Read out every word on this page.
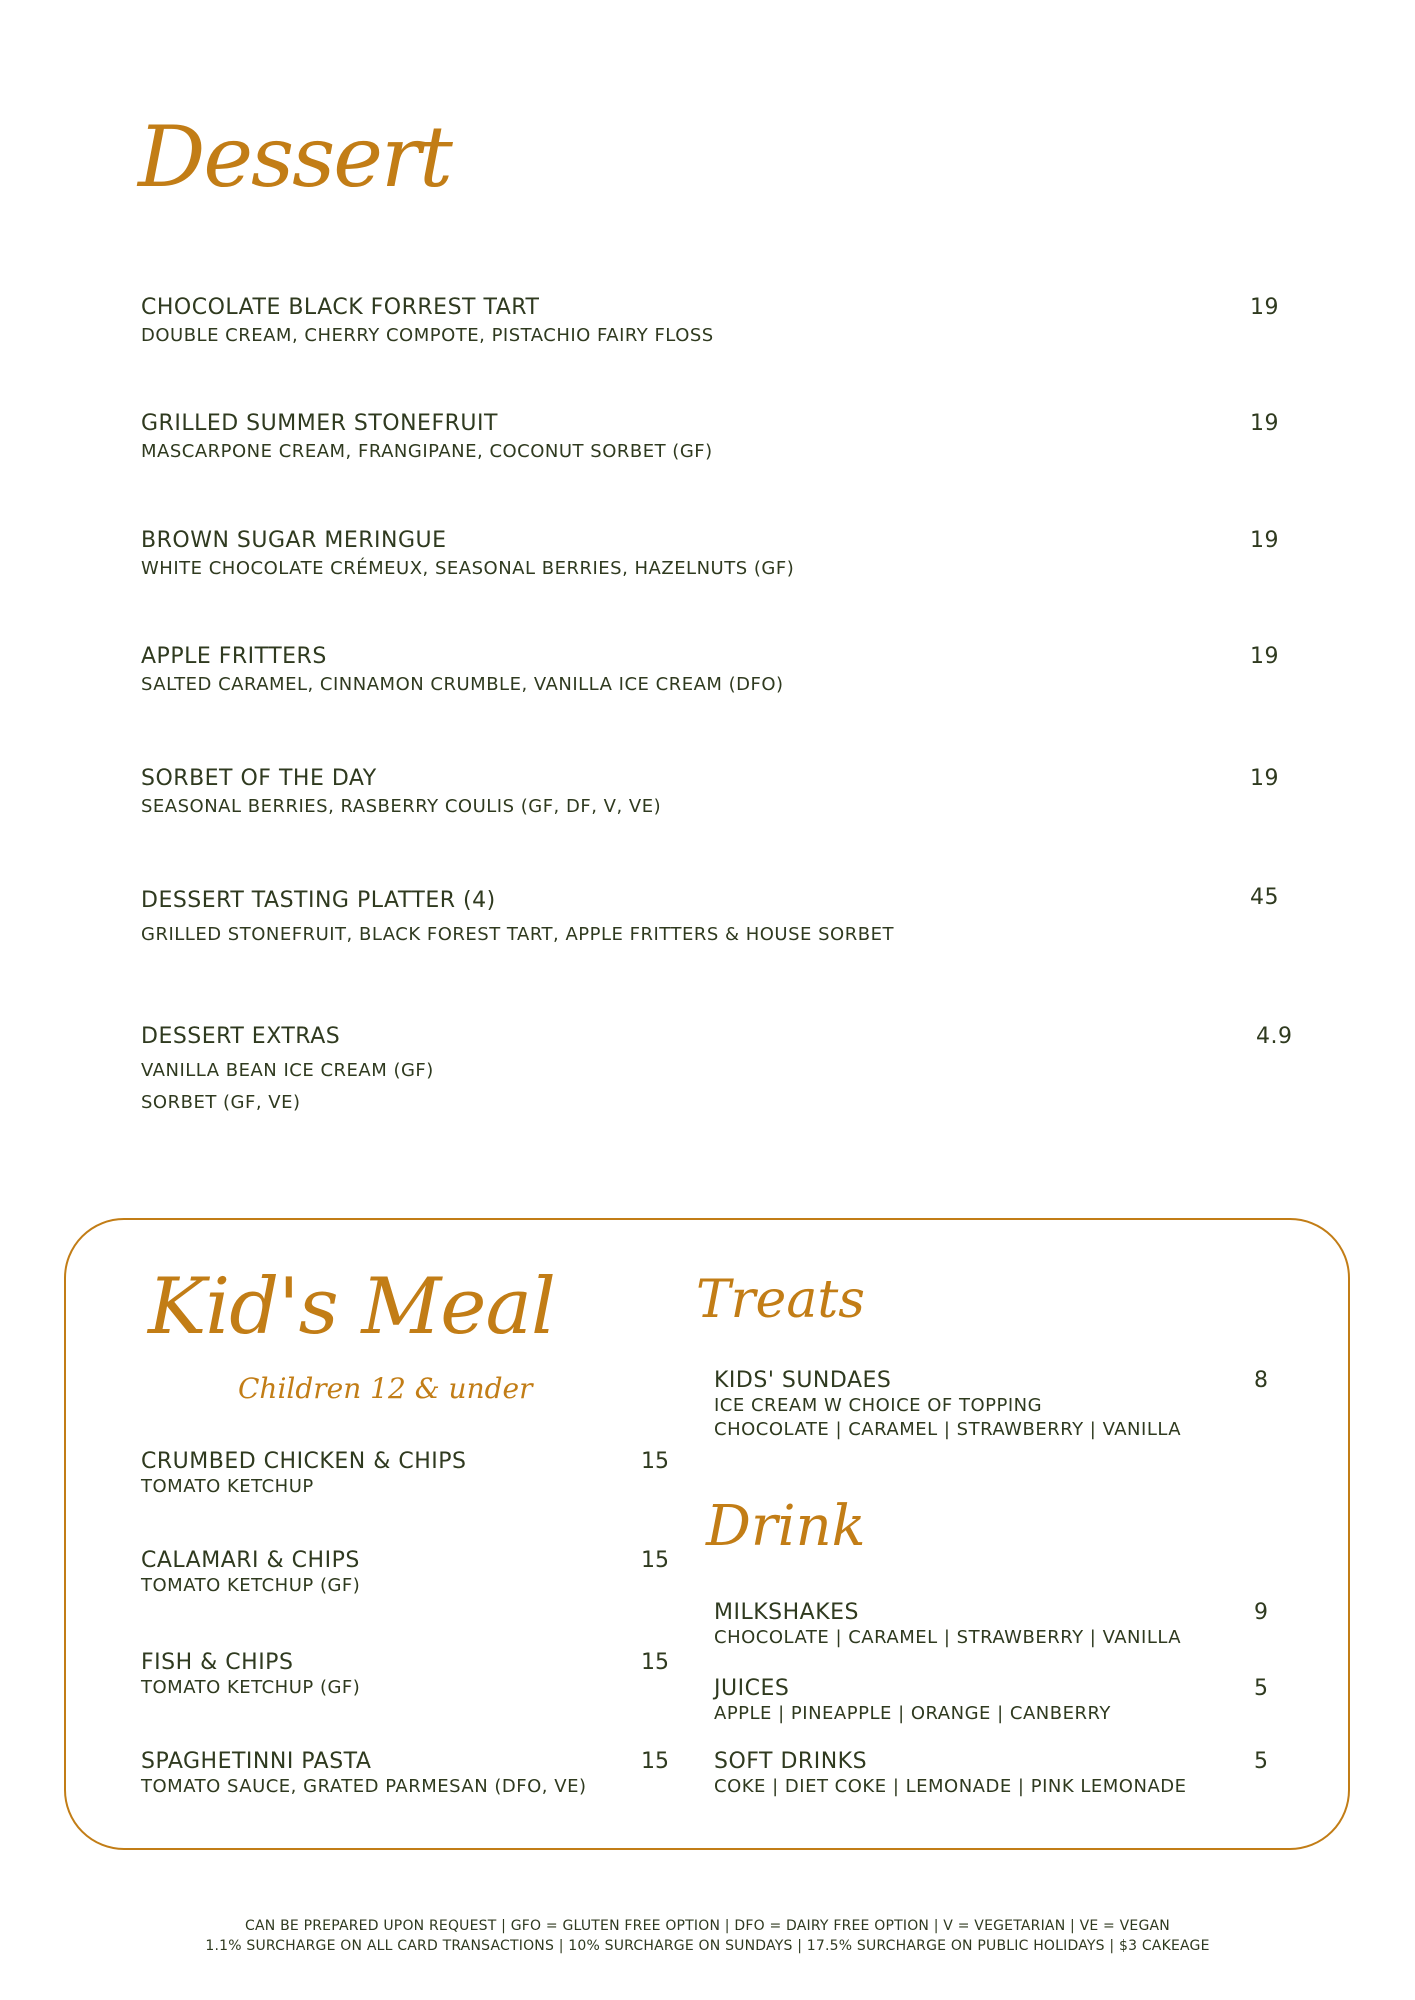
Dessert
CHOCOLATE BLACK FORREST TART
DOUBLE CREAM, CHERRY COMPOTE, PISTACHIO FAIRY FLOSS
19
GRILLED SUMMER STONEFRUIT
MASCARPONE CREAM, FRANGIPANE, COCONUT SORBET (GF)
19
BROWN SUGAR MERINGUE
WHITE CHOCOLATE CRÉMEUX, SEASONAL BERRIES, HAZELNUTS (GF)
19
APPLE FRITTERS
SALTED CARAMEL, CINNAMON CRUMBLE, VANILLA ICE CREAM (DFO)
19
SORBET OF THE DAY
SEASONAL BERRIES, RASBERRY COULIS (GF, DF, V, VE)
19
DESSERT TASTING PLATTER (4)
GRILLED STONEFRUIT, BLACK FOREST TART, APPLE FRITTERS & HOUSE SORBET
45
DESSERT EXTRAS
VANILLA BEAN ICE CREAM (GF)
SORBET (GF, VE)
4.9
Kid's Meal
Children 12 & under
Treats
Drink
CRUMBED CHICKEN & CHIPS
TOMATO KETCHUP
15
CALAMARI & CHIPS
TOMATO KETCHUP (GF)
15
FISH & CHIPS
TOMATO KETCHUP (GF)
15
SPAGHETINNI PASTA
TOMATO SAUCE, GRATED PARMESAN (DFO, VE)
15
KIDS' SUNDAES
ICE CREAM W CHOICE OF TOPPING
CHOCOLATE | CARAMEL | STRAWBERRY | VANILLA
8
MILKSHAKES
CHOCOLATE | CARAMEL | STRAWBERRY | VANILLA
9
JUICES
APPLE | PINEAPPLE | ORANGE | CANBERRY
5
SOFT DRINKS
COKE | DIET COKE | LEMONADE | PINK LEMONADE
5
CAN BE PREPARED UPON REQUEST | GFO = GLUTEN FREE OPTION | DFO = DAIRY FREE OPTION | V = VEGETARIAN | VE = VEGAN
1.1% SURCHARGE ON ALL CARD TRANSACTIONS | 10% SURCHARGE ON SUNDAYS | 17.5% SURCHARGE ON PUBLIC HOLIDAYS | $3 CAKEAGE
